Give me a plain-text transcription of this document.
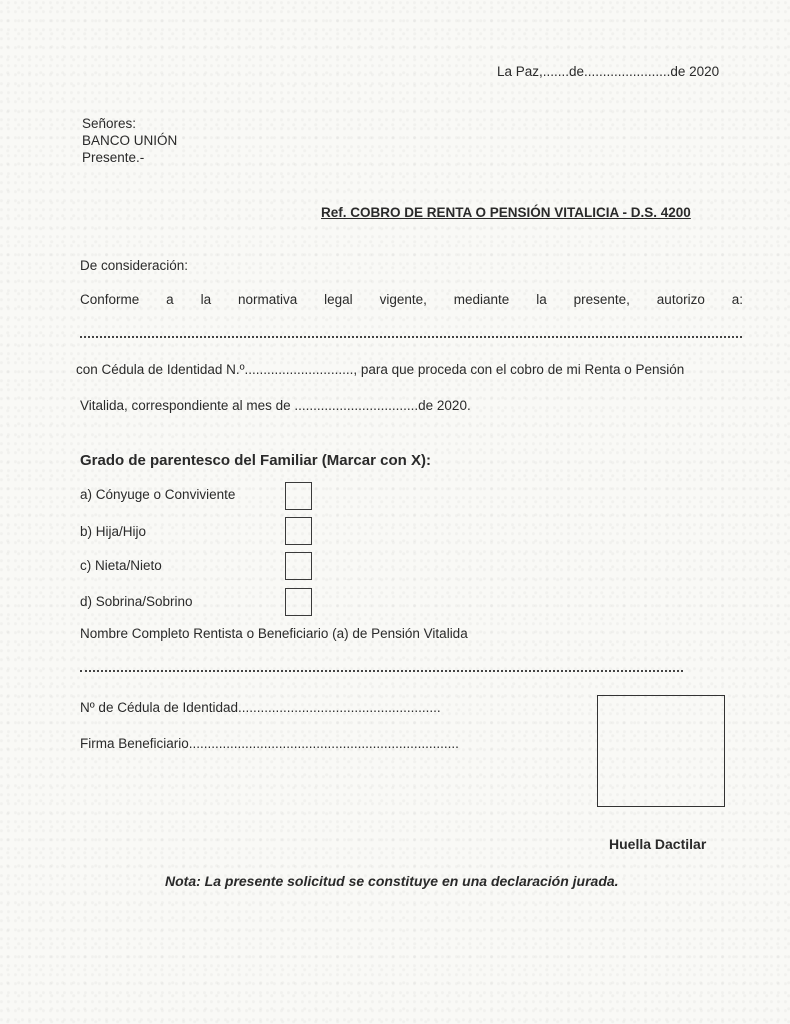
La Paz,.......de.......................de 2020
Señores:
BANCO UNIÓN
Presente.-
Ref. COBRO DE RENTA O PENSIÓN VITALICIA - D.S. 4200
De consideración:
Conforme a la normativa legal vigente, mediante la presente, autorizo a:
con Cédula de Identidad N.º............................., para que proceda con el cobro de mi Renta o Pensión
Vitalida, correspondiente al mes de .................................de 2020.
Grado de parentesco del Familiar (Marcar con X):
a) Cónyuge o Conviviente
b) Hija/Hijo
c) Nieta/Nieto
d) Sobrina/Sobrino
Nombre Completo Rentista o Beneficiario (a) de Pensión Vitalida
Nº de Cédula de Identidad......................................................
Firma Beneficiario........................................................................
Huella Dactilar
Nota: La presente solicitud se constituye en una declaración jurada.
